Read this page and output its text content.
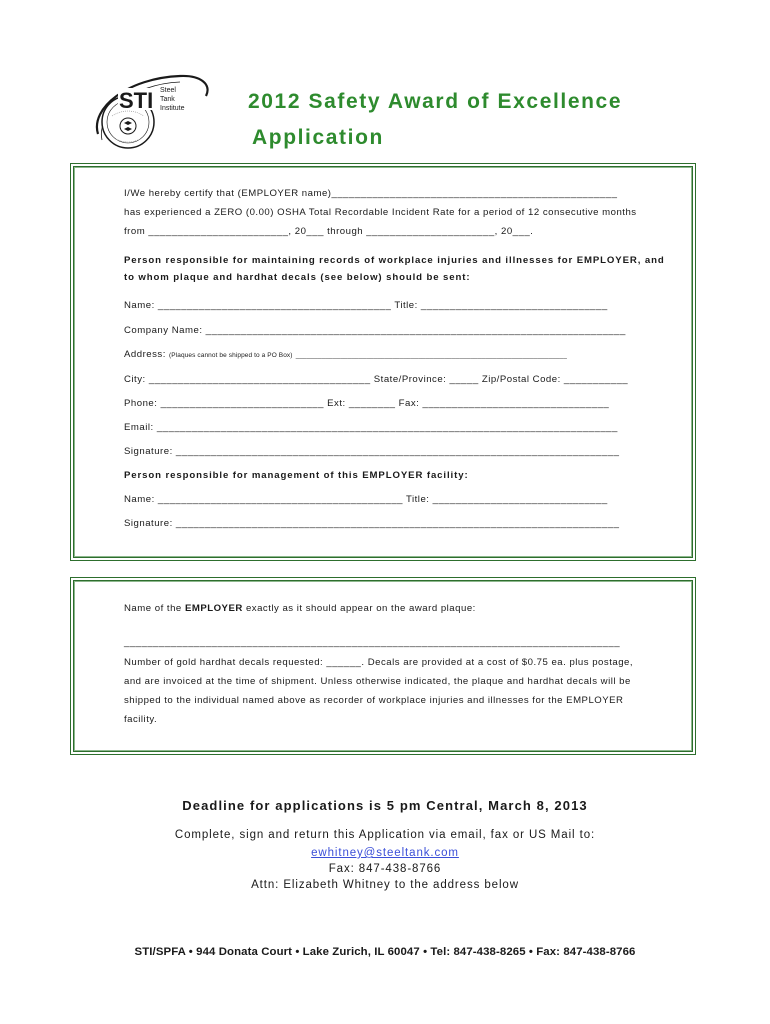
STI Steel
Tank
Institute	2012 Safety Award of Excellence
Application
I/We hereby certify that (EMPLOYER name)_________________________________________________
has experienced a ZERO (0.00) OSHA Total Recordable Incident Rate for a period of 12 consecutive months
from ________________________, 20___ through ______________________, 20___.
Person responsible for maintaining records of workplace injuries and illnesses for EMPLOYER, and
to whom plaque and hardhat decals (see below) should be sent:
Name: ________________________________________ Title: ________________________________
Company Name: ________________________________________________________________________
Address: (Plaques cannot be shipped to a PO Box) _________________________________________________________________________
City: ______________________________________ State/Province: _____ Zip/Postal Code: ___________
Phone: ____________________________ Ext: ________ Fax: ________________________________
Email: _______________________________________________________________________________
Signature: ____________________________________________________________________________
Person responsible for management of this EMPLOYER facility:
Name: __________________________________________ Title: ______________________________
Signature: ____________________________________________________________________________
Name of the EMPLOYER exactly as it should appear on the award plaque:
_____________________________________________________________________________________
Number of gold hardhat decals requested: ______. Decals are provided at a cost of $0.75 ea. plus postage,
and are invoiced at the time of shipment. Unless otherwise indicated, the plaque and hardhat decals will be
shipped to the individual named above as recorder of workplace injuries and illnesses for the EMPLOYER
facility.
Deadline for applications is 5 pm Central, March 8, 2013
Complete, sign and return this Application via email, fax or US Mail to:
ewhitney@steeltank.com
Fax: 847-438-8766
Attn: Elizabeth Whitney to the address below
STI/SPFA • 944 Donata Court • Lake Zurich, IL 60047 • Tel: 847-438-8265 • Fax: 847-438-8766
